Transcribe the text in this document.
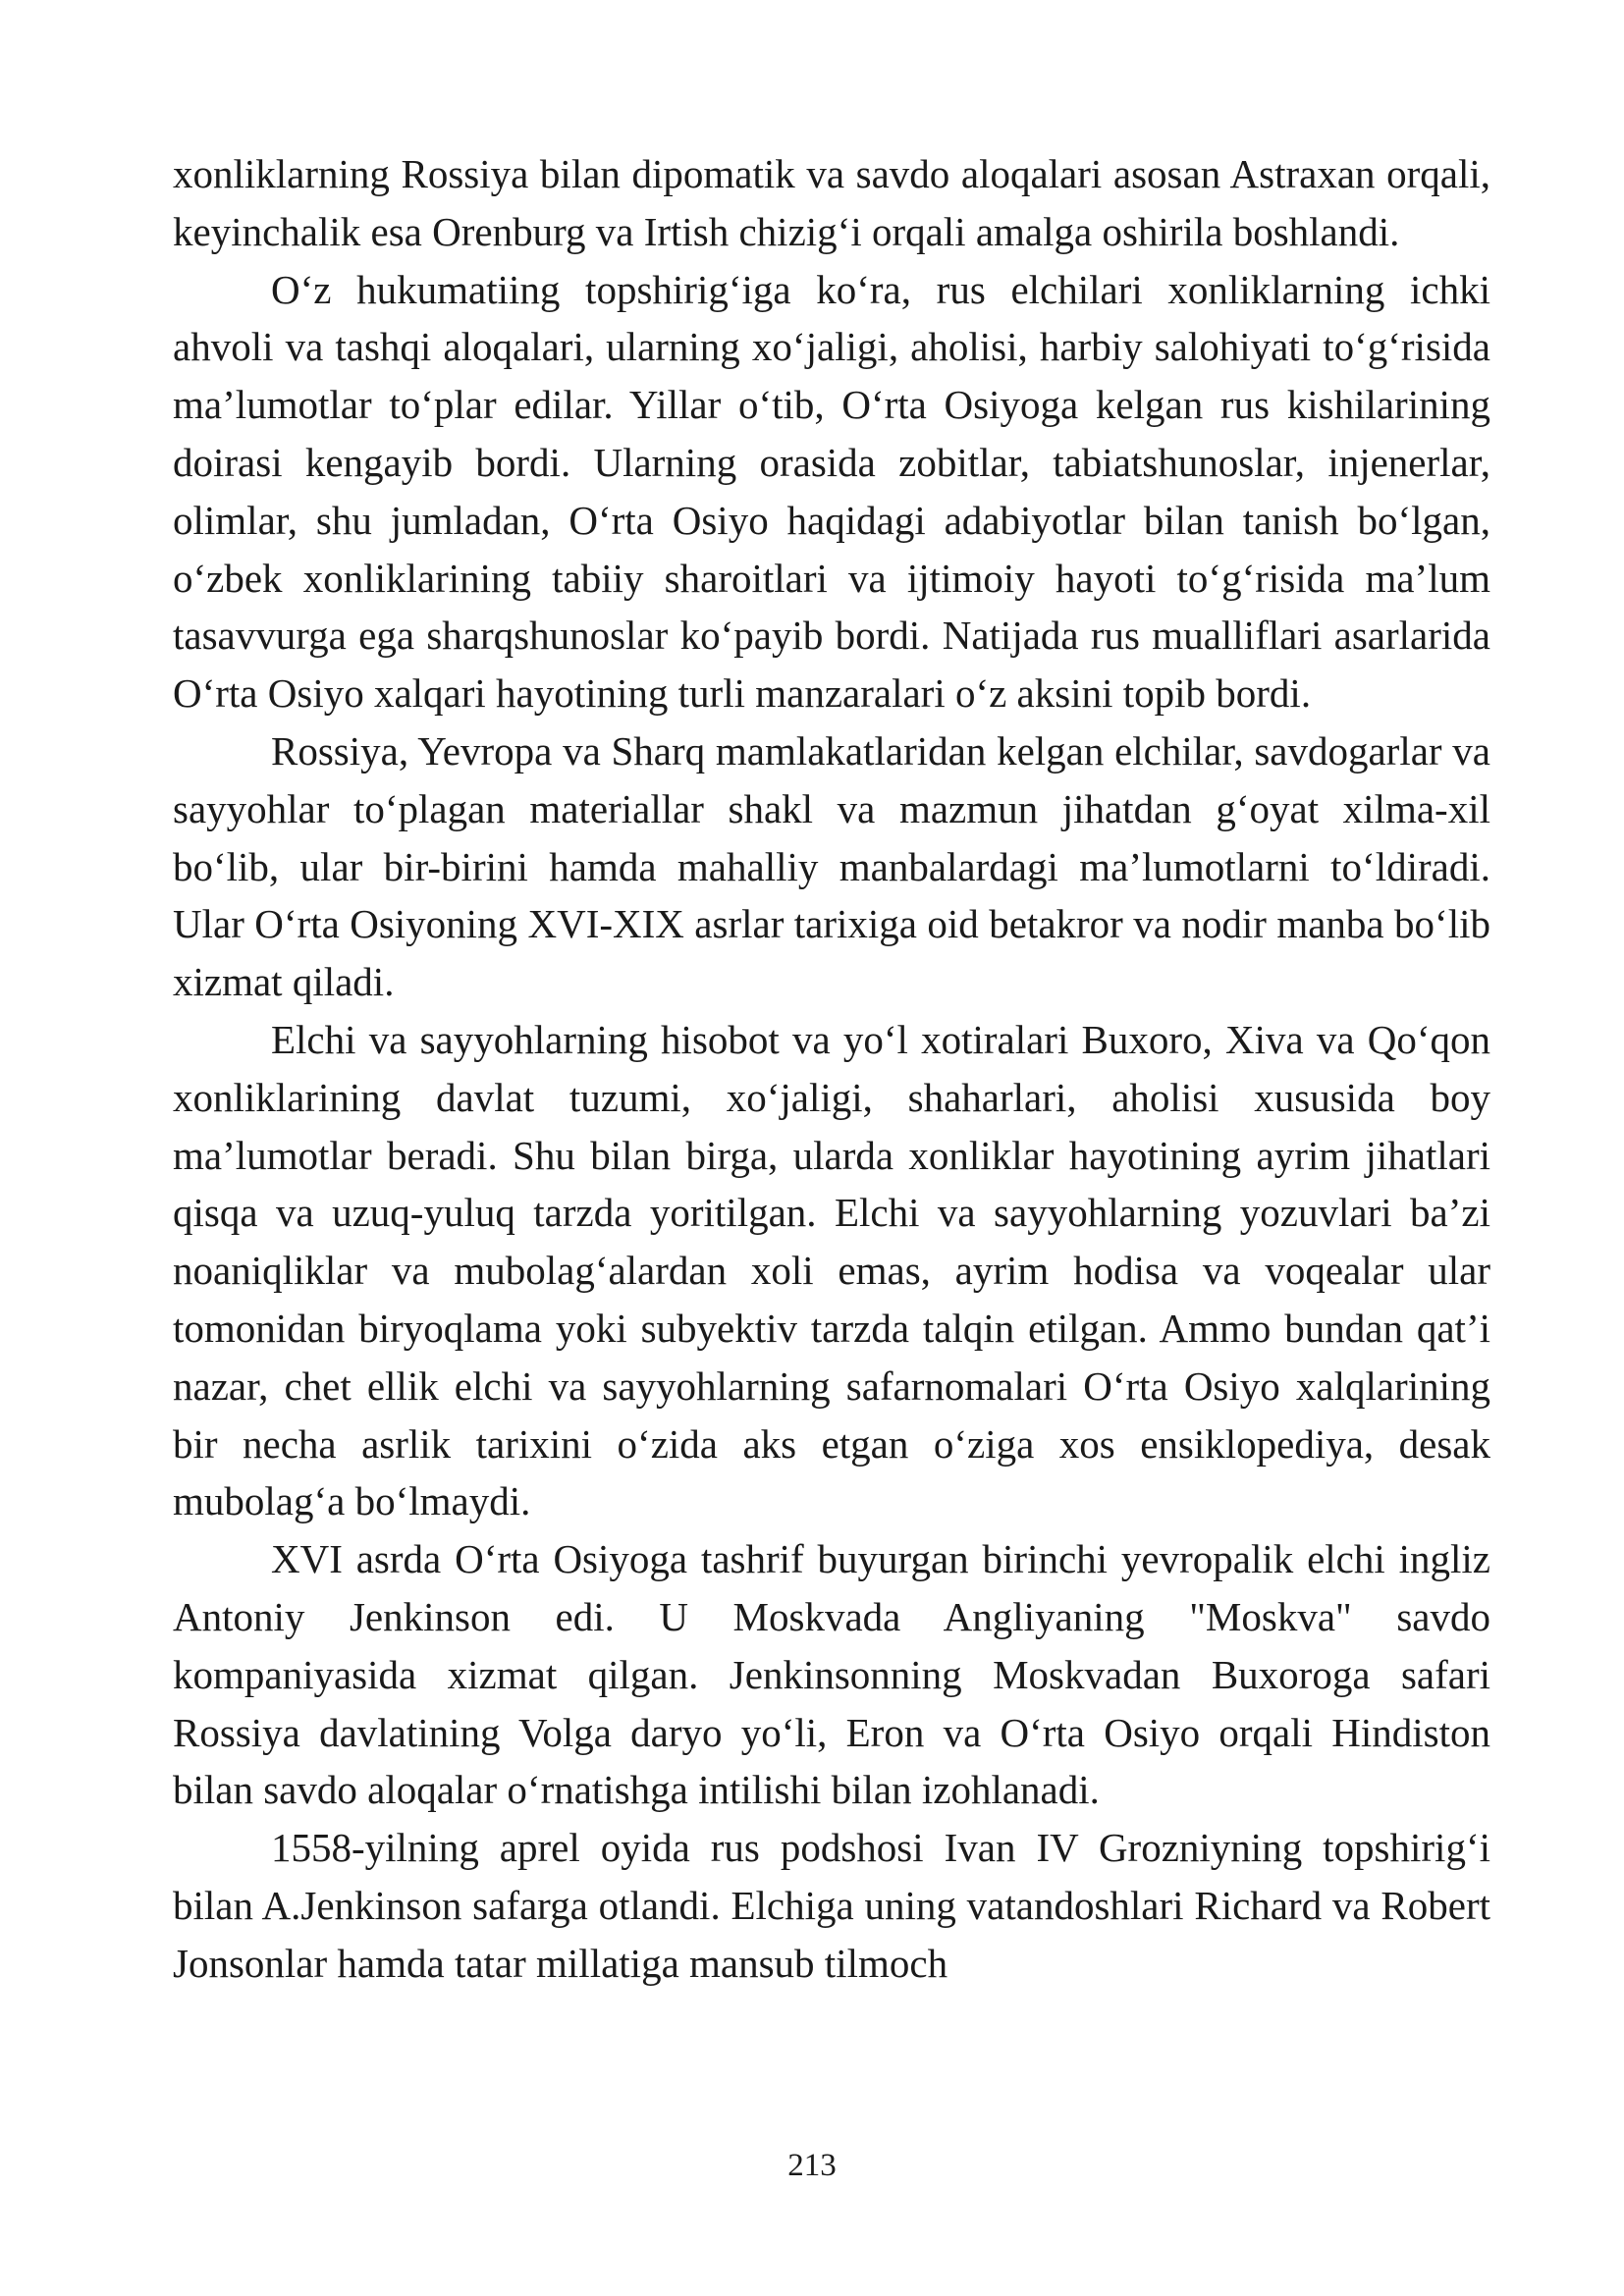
xonliklarning Rossiya bilan dipomatik va savdo aloqalari asosan Astraxan orqali, keyinchalik esa Orenburg va Irtish chizig‘i orqali amalga oshirila boshlandi.

O‘z hukumatiing topshirig‘iga ko‘ra, rus elchilari xonliklarning ichki ahvoli va tashqi aloqalari, ularning xo‘jaligi, aholisi, harbiy salohiyati to‘g‘risida ma’lumotlar to‘plar edilar. Yillar o‘tib, O‘rta Osiyoga kelgan rus kishilarining doirasi kengayib bordi. Ularning orasida zobitlar, tabiatshunoslar, injenerlar, olimlar, shu jumladan, O‘rta Osiyo haqidagi adabiyotlar bilan tanish bo‘lgan, o‘zbek xonliklarining tabiiy sharoitlari va ijtimoiy hayoti to‘g‘risida ma’lum tasavvurga ega sharqshunoslar ko‘payib bordi. Natijada rus mualliflari asarlarida O‘rta Osiyo xalqari hayotining turli manzaralari o‘z aksini topib bordi.

Rossiya, Yevropa va Sharq mamlakatlaridan kelgan elchilar, savdogarlar va sayyohlar to‘plagan materiallar shakl va mazmun jihatdan g‘oyat xilma-xil bo‘lib, ular bir-birini hamda mahalliy manbalardagi ma’lumotlarni to‘ldiradi. Ular O‘rta Osiyoning XVI-XIX asrlar tarixiga oid betakror va nodir manba bo‘lib xizmat qiladi.

Elchi va sayyohlarning hisobot va yo‘l xotiralari Buxoro, Xiva va Qo‘qon xonliklarining davlat tuzumi, xo‘jaligi, shaharlari, aholisi xususida boy ma’lumotlar beradi. Shu bilan birga, ularda xonliklar hayotining ayrim jihatlari qisqa va uzuq-yuluq tarzda yoritilgan. Elchi va sayyohlarning yozuvlari ba’zi noaniqliklar va mubolag‘alardan xoli emas, ayrim hodisa va voqealar ular tomonidan biryoqlama yoki subyektiv tarzda talqin etilgan. Ammo bundan qat’i nazar, chet ellik elchi va sayyohlarning safarnomalari O‘rta Osiyo xalqlarining bir necha asrlik tarixini o‘zida aks etgan o‘ziga xos ensiklopediya, desak mubolag‘a bo‘lmaydi.

XVI asrda O‘rta Osiyoga tashrif buyurgan birinchi yevropalik elchi ingliz Antoniy Jenkinson edi. U Moskvada Angliyaning "Moskva" savdo kompaniyasida xizmat qilgan. Jenkinsonning Moskvadan Buxoroga safari Rossiya davlatining Volga daryo yo‘li, Eron va O‘rta Osiyo orqali Hindiston bilan savdo aloqalar o‘rnatishga intilishi bilan izohlanadi.

1558-yilning aprel oyida rus podshosi Ivan IV Grozniyning topshirig‘i bilan A.Jenkinson safarga otlandi. Elchiga uning vatandoshlari Richard va Robert Jonsonlar hamda tatar millatiga mansub tilmoch

213
